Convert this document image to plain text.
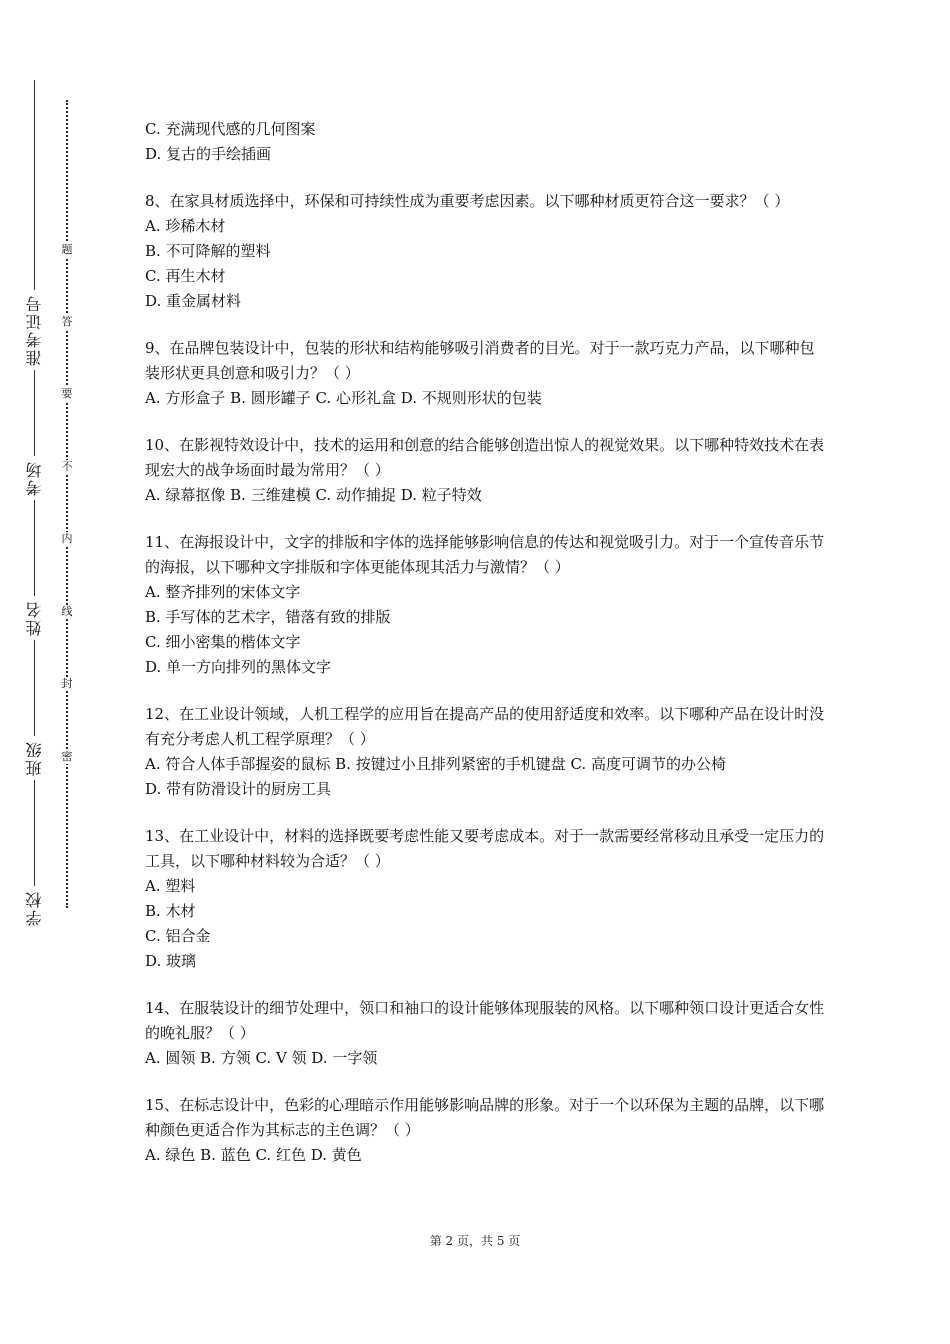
学校
班级
姓名
考场
准考证号
题
答
要
不
内
线
封
密
C. 充满现代感的几何图案
D. 复古的手绘插画
8、在家具材质选择中，环保和可持续性成为重要考虑因素。以下哪种材质更符合这一要求？（ ）
A. 珍稀木材
B. 不可降解的塑料
C. 再生木材
D. 重金属材料
9、在品牌包装设计中，包装的形状和结构能够吸引消费者的目光。对于一款巧克力产品，以下哪种包装形状更具创意和吸引力？（ ）
A. 方形盒子 B. 圆形罐子 C. 心形礼盒 D. 不规则形状的包装
10、在影视特效设计中，技术的运用和创意的结合能够创造出惊人的视觉效果。以下哪种特效技术在表现宏大的战争场面时最为常用？（ ）
A. 绿幕抠像 B. 三维建模 C. 动作捕捉 D. 粒子特效
11、在海报设计中，文字的排版和字体的选择能够影响信息的传达和视觉吸引力。对于一个宣传音乐节的海报，以下哪种文字排版和字体更能体现其活力与激情？（ ）
A. 整齐排列的宋体文字
B. 手写体的艺术字，错落有致的排版
C. 细小密集的楷体文字
D. 单一方向排列的黑体文字
12、在工业设计领域，人机工程学的应用旨在提高产品的使用舒适度和效率。以下哪种产品在设计时没有充分考虑人机工程学原理？（ ）
A. 符合人体手部握姿的鼠标 B. 按键过小且排列紧密的手机键盘 C. 高度可调节的办公椅
D. 带有防滑设计的厨房工具
13、在工业设计中，材料的选择既要考虑性能又要考虑成本。对于一款需要经常移动且承受一定压力的工具，以下哪种材料较为合适？（ ）
A. 塑料
B. 木材
C. 铝合金
D. 玻璃
14、在服装设计的细节处理中，领口和袖口的设计能够体现服装的风格。以下哪种领口设计更适合女性的晚礼服？（ ）
A. 圆领 B. 方领 C. V 领 D. 一字领
15、在标志设计中，色彩的心理暗示作用能够影响品牌的形象。对于一个以环保为主题的品牌，以下哪种颜色更适合作为其标志的主色调？（ ）
A. 绿色 B. 蓝色 C. 红色 D. 黄色
第 2 页，共 5 页
